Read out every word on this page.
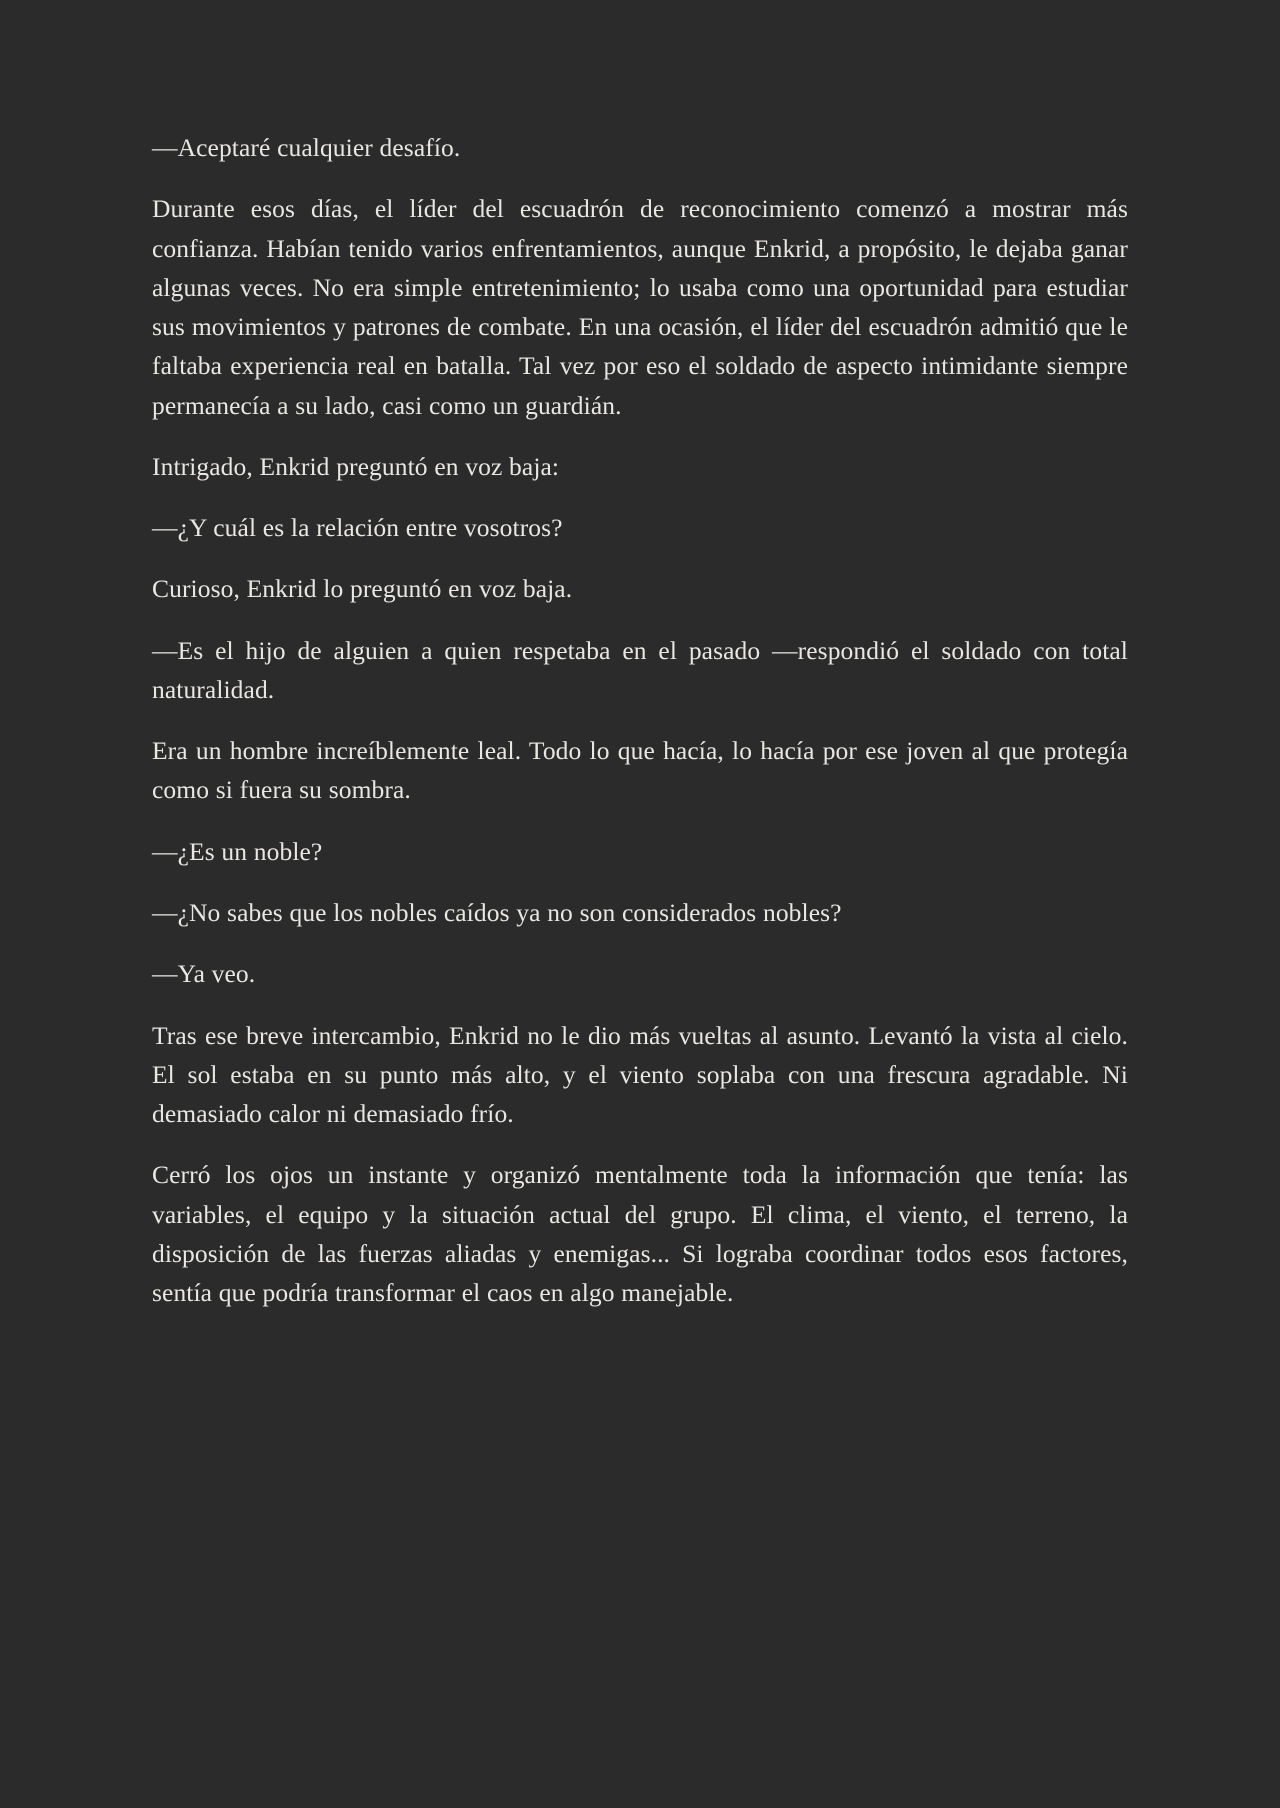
—Aceptaré cualquier desafío.

Durante esos días, el líder del escuadrón de reconocimiento comenzó a mostrar más confianza. Habían tenido varios enfrentamientos, aunque Enkrid, a propósito, le dejaba ganar algunas veces. No era simple entretenimiento; lo usaba como una oportunidad para estudiar sus movimientos y patrones de combate. En una ocasión, el líder del escuadrón admitió que le faltaba experiencia real en batalla. Tal vez por eso el soldado de aspecto intimidante siempre permanecía a su lado, casi como un guardián.

Intrigado, Enkrid preguntó en voz baja:

—¿Y cuál es la relación entre vosotros?

Curioso, Enkrid lo preguntó en voz baja.

—Es el hijo de alguien a quien respetaba en el pasado —respondió el soldado con total naturalidad.

Era un hombre increíblemente leal. Todo lo que hacía, lo hacía por ese joven al que protegía como si fuera su sombra.

—¿Es un noble?

—¿No sabes que los nobles caídos ya no son considerados nobles?

—Ya veo.

Tras ese breve intercambio, Enkrid no le dio más vueltas al asunto. Levantó la vista al cielo. El sol estaba en su punto más alto, y el viento soplaba con una frescura agradable. Ni demasiado calor ni demasiado frío.

Cerró los ojos un instante y organizó mentalmente toda la información que tenía: las variables, el equipo y la situación actual del grupo. El clima, el viento, el terreno, la disposición de las fuerzas aliadas y enemigas... Si lograba coordinar todos esos factores, sentía que podría transformar el caos en algo manejable.
